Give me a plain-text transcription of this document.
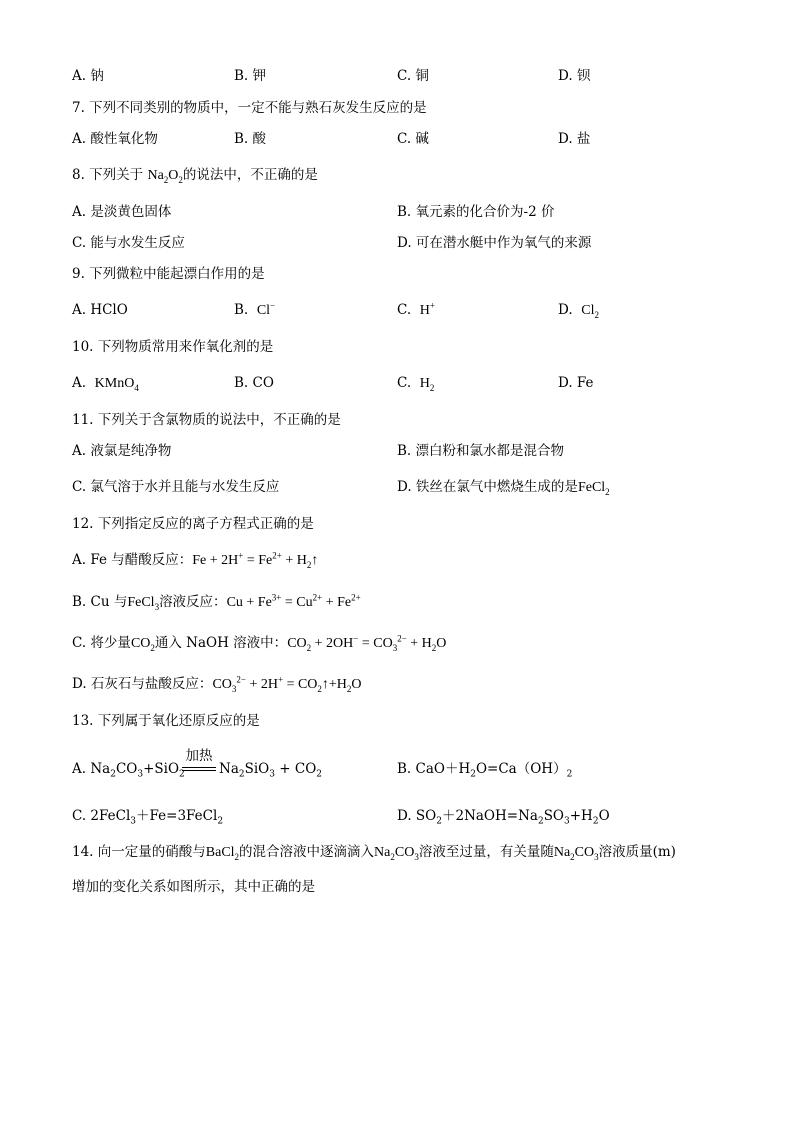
A. 钠	B. 钾	C. 铜	D. 钡
7. 下列不同类别的物质中，一定不能与熟石灰发生反应的是
A. 酸性氧化物	B. 酸	C. 碱	D. 盐
8. 下列关于 $Na_2O_2$的说法中，不正确的是
A. 是淡黄色固体	B. 氧元素的化合价为-2 价
C. 能与水发生反应	D. 可在潜水艇中作为氧气的来源
9. 下列微粒中能起漂白作用的是
A. HClO	B. Cl−	C. H+	D. $Cl_2$
10. 下列物质常用来作氧化剂的是
A. KMnO$_4$	B. CO	C. $H_2$	D. Fe
11. 下列关于含氯物质的说法中，不正确的是
A. 液氯是纯净物	B. 漂白粉和氯水都是混合物
C. 氯气溶于水并且能与水发生反应	D. 铁丝在氯气中燃烧生成的是FeCl$_2$
12. 下列指定反应的离子方程式正确的是
A. Fe 与醋酸反应：$Fe + 2H^+ = Fe^{2+}$ + $H_2↑$
B. Cu 与FeCl$_3$溶液反应：$Cu + Fe^{3+} = Cu^{2+} + Fe^{2+}$
C. 将少量$CO_2$通入 NaOH 溶液中：$CO_2 + 2OH^- = CO_3^{2-} + H_2O$
D. 石灰石与盐酸反应：$CO_3^{2-} + 2H^+$ = $CO_2↑+H_2O$
13. 下列属于氧化还原反应的是
A. $Na_2CO_3+SiO_2$
加热
$Na_2SiO_3 + CO_2$	B. $CaO+H_2O=Ca(OH)_2$
C. 2FeCl$_3$＋Fe=3FeCl$_2$	D. $SO_2+2NaOH=Na_2SO_3+H_2O$
14. 向一定量的硝酸与BaCl$_2$的混合溶液中逐滴滴入$Na_2CO_3$溶液至过量，有关量随$Na_2CO_3$溶液质量(m)
增加的变化关系如图所示，其中正确的是
